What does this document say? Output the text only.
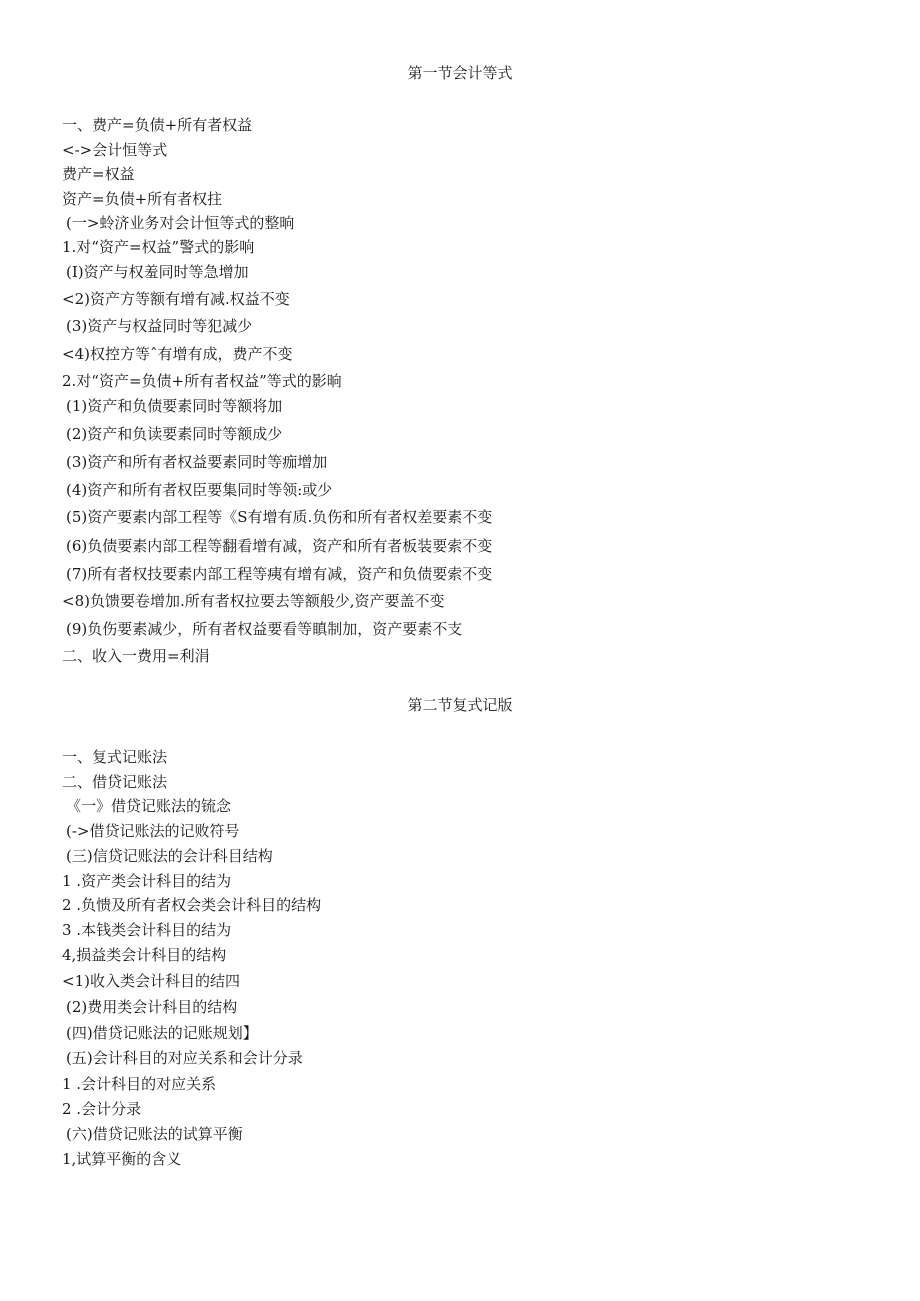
第一节会计等式
一、费产=负债+所有者权益
<->会计恒等式
费产=权益
资产=负债+所有者权拄
(一>蛉济业务对会计恒等式的整晌
1.对“资产=权益”警式的影响
(I)资产与权羞同时等急增加
<2)资产方等额有增有减.权益不变
(3)资产与权益同时等犯减少
<4)权控方等ˆ有增有成，费产不变
2.对“资产=负债+所有者权益”等式的影晌
(1)资产和负债要素同时等额将加
(2)资产和负读要素同时等额成少
(3)资产和所有者权益要素同时等痂增加
(4)资产和所有者权臣要集同时等领:或少
(5)资产要素内部工程等《S有增有质.负伤和所有者权差要素不变
(6)负债要素内部工程等翻看增有减，资产和所有者板装要索不变
(7)所有者权技要素内部工程等痍有增有减，资产和负债要索不变
<8)负馈要卷增加.所有者权拉要去等额般少,资产要盖不变
(9)负伤要素减少，所有者权益要看等瞋制加，资产要素不支
二、收入一费用=利涓
第二节复式记版
一、复式记账法
二、借贷记账法
《一》借贷记账法的锍念
(->借贷记账法的记败符号
(三)信贷记账法的会计科目结构
1 .资产类会计科目的结为
2 .负愦及所有者权会类会计科目的结构
3 .本钱类会计科目的结为
4,损益类会计科目的结构
<1)收入类会计科目的结四
(2)费用类会计科目的结构
(四)借贷记账法的记账规划】
(五)会计科目的对应关系和会计分录
1 .会计科目的对应关系
2 .会计分录
(六)借贷记账法的试算平衡
1,试算平衡的含义
